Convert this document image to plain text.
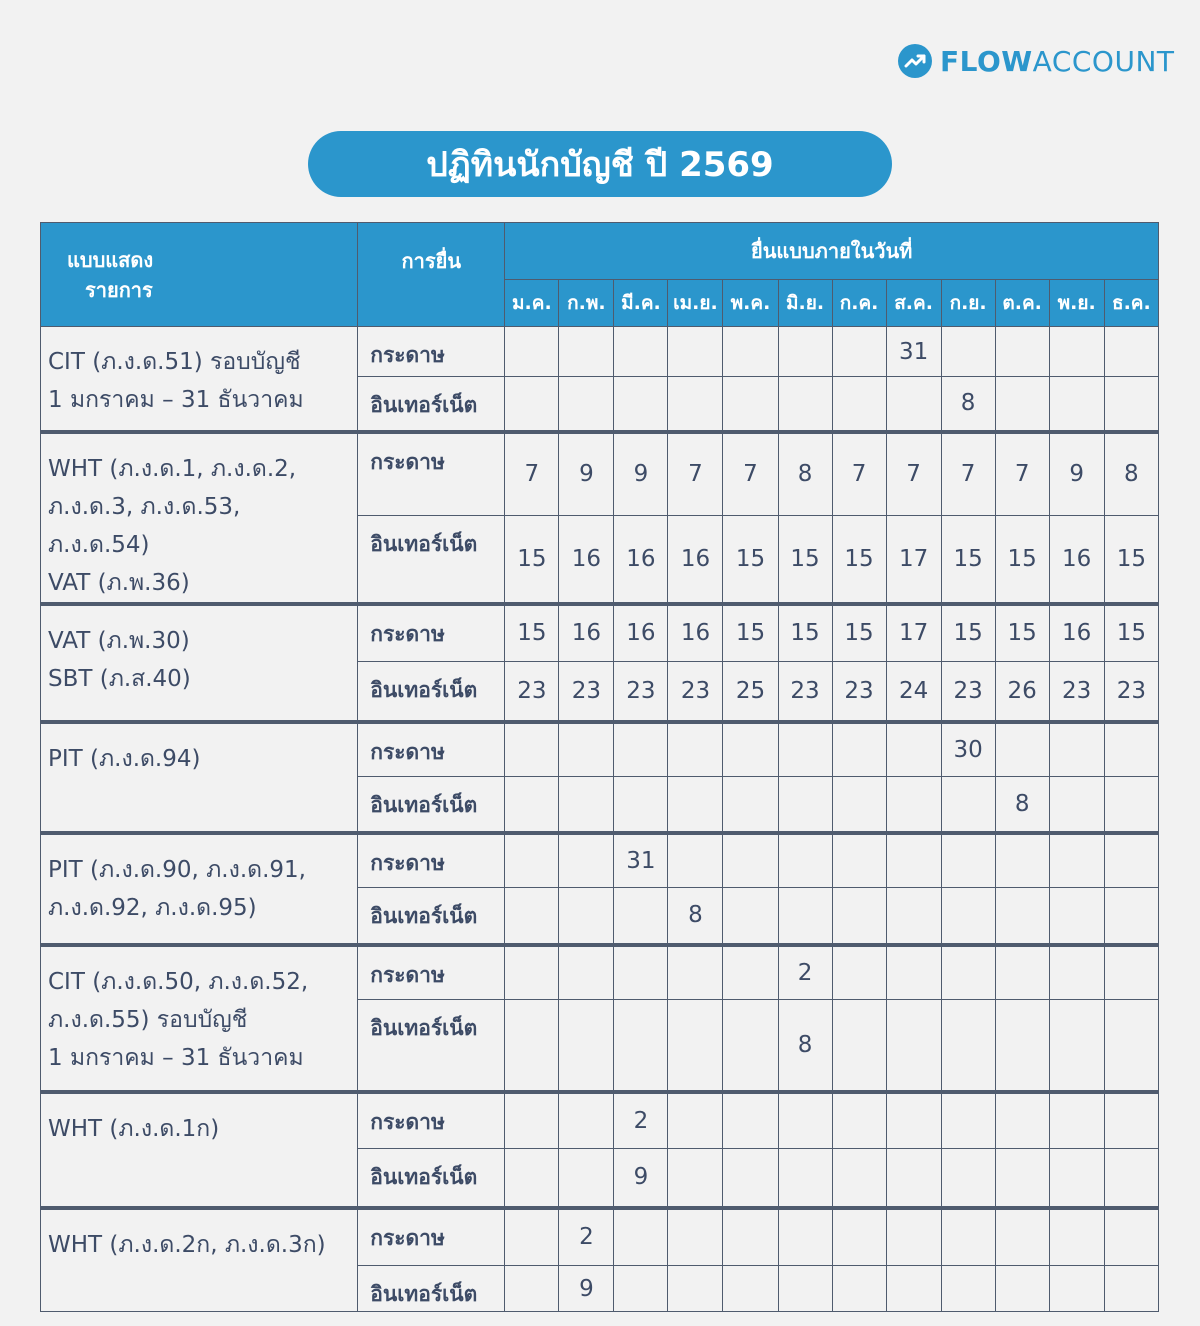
FLOWACCOUNT
ปฏิทินนักบัญชี ปี 2569
แบบแสดง
รายการ	การยื่น	ยื่นแบบภายในวันที่											
		ม.ค.	ก.พ.	มี.ค.	เม.ย.	พ.ค.	มิ.ย.	ก.ค.	ส.ค.	ก.ย.	ต.ค.	พ.ย.	ธ.ค.

CIT (ภ.ง.ด.51) รอบบัญชี
1 มกราคม – 31 ธันวาคม	กระดาษ								31				
	อินเทอร์เน็ต									8			

WHT (ภ.ง.ด.1, ภ.ง.ด.2,
ภ.ง.ด.3, ภ.ง.ด.53, ภ.ง.ด.54)
VAT (ภ.พ.36)	กระดาษ	7	9	9	7	7	8	7	7	7	7	9	8
	อินเทอร์เน็ต	15	16	16	16	15	15	15	17	15	15	16	15

VAT (ภ.พ.30)
SBT (ภ.ส.40)	กระดาษ	15	16	16	16	15	15	15	17	15	15	16	15
	อินเทอร์เน็ต	23	23	23	23	25	23	23	24	23	26	23	23

PIT (ภ.ง.ด.94)	กระดาษ									30			
	อินเทอร์เน็ต										8		

PIT (ภ.ง.ด.90, ภ.ง.ด.91,
ภ.ง.ด.92, ภ.ง.ด.95)	กระดาษ			31									
	อินเทอร์เน็ต				8								

CIT (ภ.ง.ด.50, ภ.ง.ด.52,
ภ.ง.ด.55) รอบบัญชี
1 มกราคม – 31 ธันวาคม	กระดาษ						2						
	อินเทอร์เน็ต						8						

WHT (ภ.ง.ด.1ก)	กระดาษ			2									
	อินเทอร์เน็ต			9									

WHT (ภ.ง.ด.2ก, ภ.ง.ด.3ก)	กระดาษ		2										
	อินเทอร์เน็ต		9										
